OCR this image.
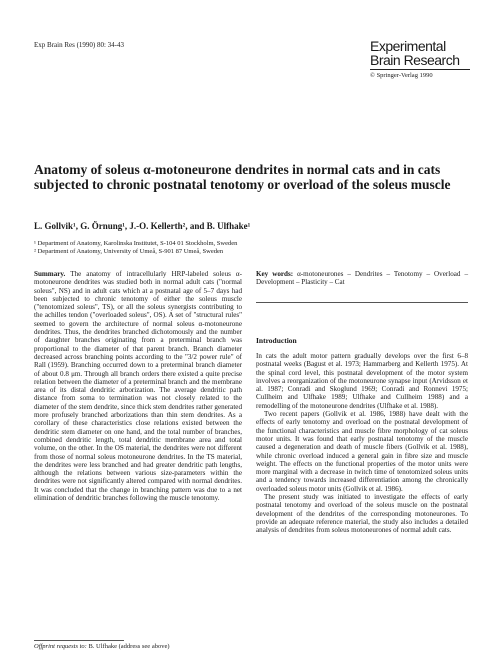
Exp Brain Res (1990) 80: 34-43	Experimental
Brain Research
© Springer-Verlag 1990
Anatomy of soleus α-motoneurone dendrites in normal cats and in cats subjected to chronic postnatal tenotomy or overload of the soleus muscle
L. Gollvik¹, G. Örnung¹, J.-O. Kellerth², and B. Ulfhake¹
¹ Department of Anatomy, Karolinska Institutet, S-104 01 Stockholm, Sweden
² Department of Anatomy, University of Umeå, S-901 87 Umeå, Sweden
Summary. The anatomy of intracellularly HRP-labeled soleus α-motoneurone dendrites was studied both in normal adult cats ("normal soleus", NS) and in adult cats which at a postnatal age of 5–7 days had been subjected to chronic tenotomy of either the soleus muscle ("tenotomized soleus", TS), or all the soleus synergists contributing to the achilles tendon ("overloaded soleus", OS). A set of "structural rules" seemed to govern the architecture of normal soleus α-motoneurone dendrites. Thus, the dendrites branched dichotomously and the number of daughter branches originating from a preterminal branch was proportional to the diameter of that parent branch. Branch diameter decreased across branching points according to the "3/2 power rule" of Rall (1959). Branching occurred down to a preterminal branch diameter of about 0.8 μm. Through all branch orders there existed a quite precise relation between the diameter of a preterminal branch and the membrane area of its distal dendritic arborization. The average dendritic path distance from soma to termination was not closely related to the diameter of the stem dendrite, since thick stem dendrites rather generated more profusely branched arborizations than thin stem dendrites. As a corollary of these characteristics close relations existed between the dendritic stem diameter on one hand, and the total number of branches, combined dendritic length, total dendritic membrane area and total volume, on the other. In the OS material, the dendrites were not different from those of normal soleus motoneurone dendrites. In the TS material, the dendrites were less branched and had greater dendritic path lengths, although the relations between various size-parameters within the dendrites were not significantly altered compared with normal dendrites. It was concluded that the change in branching pattern was due to a net elimination of dendritic branches following the muscle tenotomy.
Key words: α-motoneurones – Dendrites – Tenotomy – Overload – Development – Plasticity – Cat
Introduction

In cats the adult motor pattern gradually develops over the first 6–8 postnatal weeks (Bagust et al. 1973; Hammarberg and Kellerth 1975). At the spinal cord level, this postnatal development of the motor system involves a reorganization of the motoneurone synapse input (Arvidsson et al. 1987; Conradi and Skoglund 1969; Conradi and Ronnevi 1975; Cullheim and Ulfhake 1989; Ulfhake and Cullheim 1988) and a remodelling of the motoneurone dendrites (Ulfhake et al. 1988).

Two recent papers (Gollvik et al. 1986, 1988) have dealt with the effects of early tenotomy and overload on the postnatal development of the functional characteristics and muscle fibre morphology of cat soleus motor units. It was found that early postnatal tenotomy of the muscle caused a degeneration and death of muscle fibers (Gollvik et al. 1988), while chronic overload induced a general gain in fibre size and muscle weight. The effects on the functional properties of the motor units were more marginal with a decrease in twitch time of tenotomized soleus units and a tendency towards increased differentiation among the chronically overloaded soleus motor units (Gollvik et al. 1986).

The present study was initiated to investigate the effects of early postnatal tenotomy and overload of the soleus muscle on the postnatal development of the dendrites of the corresponding motoneurones. To provide an adequate reference material, the study also includes a detailed analysis of dendrites from soleus motoneurones of normal adult cats.

Offprint requests to: B. Ulfhake (address see above)
